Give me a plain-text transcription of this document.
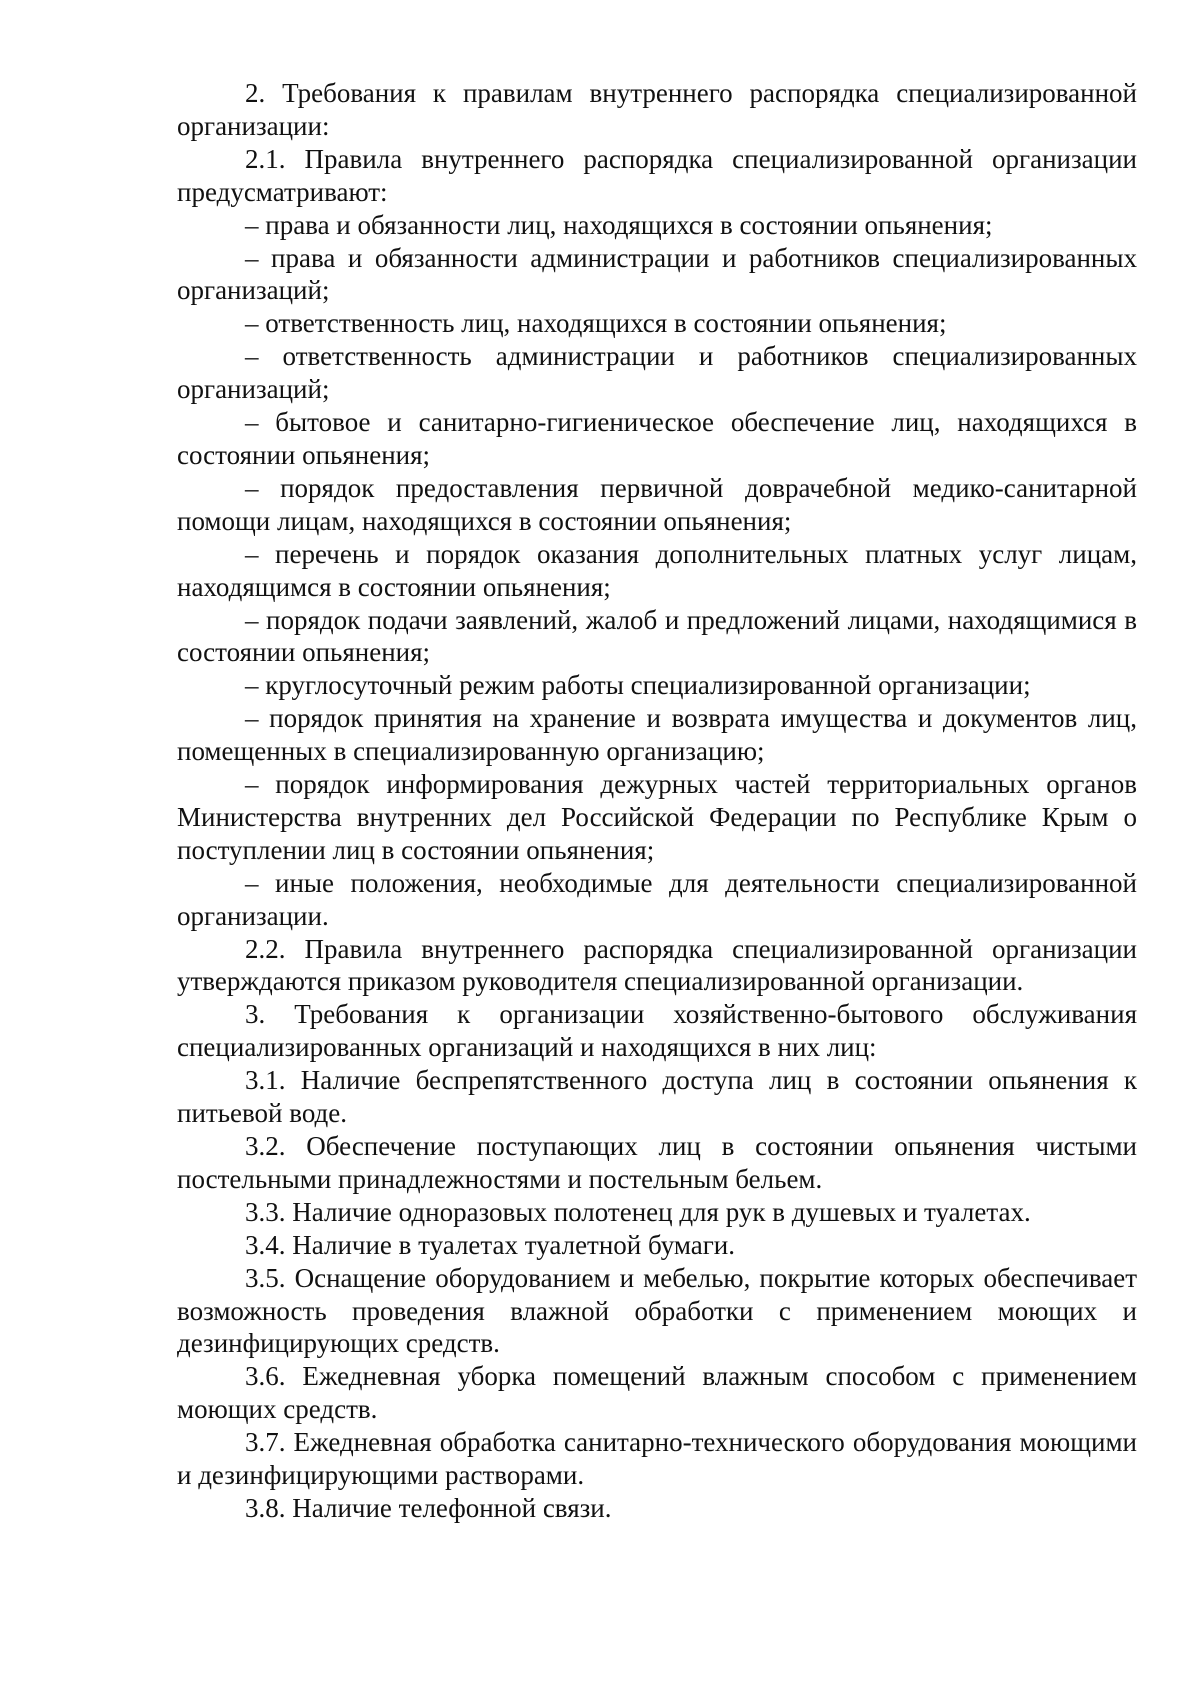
2. Требования к правилам внутреннего распорядка специализированной организации:

2.1. Правила внутреннего распорядка специализированной организации предусматривают:

– права и обязанности лиц, находящихся в состоянии опьянения;

– права и обязанности администрации и работников специализированных организаций;

– ответственность лиц, находящихся в состоянии опьянения;

– ответственность администрации и работников специализированных организаций;

– бытовое и санитарно-гигиеническое обеспечение лиц, находящихся в состоянии опьянения;

– порядок предоставления первичной доврачебной медико-санитарной помощи лицам, находящихся в состоянии опьянения;

– перечень и порядок оказания дополнительных платных услуг лицам, находящимся в состоянии опьянения;

– порядок подачи заявлений, жалоб и предложений лицами, находящимися в состоянии опьянения;

– круглосуточный режим работы специализированной организации;

– порядок принятия на хранение и возврата имущества и документов лиц, помещенных в специализированную организацию;

– порядок информирования дежурных частей территориальных органов Министерства внутренних дел Российской Федерации по Республике Крым о поступлении лиц в состоянии опьянения;

– иные положения, необходимые для деятельности специализированной организации.

2.2. Правила внутреннего распорядка специализированной организации утверждаются приказом руководителя специализированной организации.

3. Требования к организации хозяйственно-бытового обслуживания специализированных организаций и находящихся в них лиц:

3.1. Наличие беспрепятственного доступа лиц в состоянии опьянения к питьевой воде.

3.2. Обеспечение поступающих лиц в состоянии опьянения чистыми постельными принадлежностями и постельным бельем.

3.3. Наличие одноразовых полотенец для рук в душевых и туалетах.

3.4. Наличие в туалетах туалетной бумаги.

3.5. Оснащение оборудованием и мебелью, покрытие которых обеспечивает возможность проведения влажной обработки с применением моющих и дезинфицирующих средств.

3.6. Ежедневная уборка помещений влажным способом с применением моющих средств.

3.7. Ежедневная обработка санитарно-технического оборудования моющими и дезинфицирующими растворами.

3.8. Наличие телефонной связи.
